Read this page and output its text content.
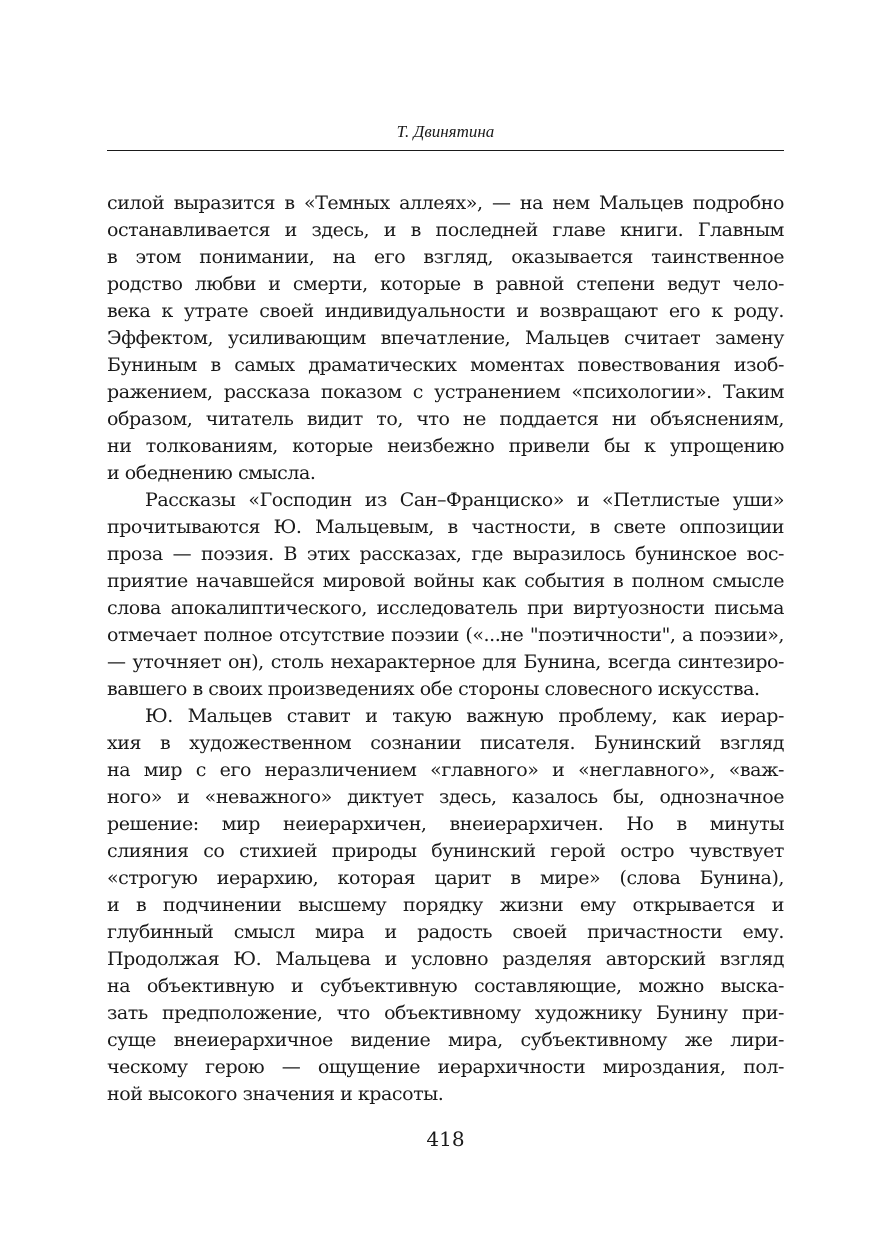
Т. Двинятина
силой выразится в «Темных аллеях», — на нем Мальцев подробно
останавливается и здесь, и в последней главе книги. Главным
в этом понимании, на его взгляд, оказывается таинственное
родство любви и смерти, которые в равной степени ведут чело-
века к утрате своей индивидуальности и возвращают его к роду.
Эффектом, усиливающим впечатление, Мальцев считает замену
Буниным в самых драматических моментах повествования изоб-
ражением, рассказа показом с устранением «психологии». Таким
образом, читатель видит то, что не поддается ни объяснениям,
ни толкованиям, которые неизбежно привели бы к упрощению
и обеднению смысла.
Рассказы «Господин из Сан–Франциско» и «Петлистые уши»
прочитываются Ю. Мальцевым, в частности, в свете оппозиции
проза — поэзия. В этих рассказах, где выразилось бунинское вос-
приятие начавшейся мировой войны как события в полном смысле
слова апокалиптического, исследователь при виртуозности письма
отмечает полное отсутствие поэзии («...не "поэтичности", а поэзии»,
— уточняет он), столь нехарактерное для Бунина, всегда синтезиро-
вавшего в своих произведениях обе стороны словесного искусства.
Ю. Мальцев ставит и такую важную проблему, как иерар-
хия в художественном сознании писателя. Бунинский взгляд
на мир с его неразличением «главного» и «неглавного», «важ-
ного» и «неважного» диктует здесь, казалось бы, однозначное
решение: мир неиерархичен, внеиерархичен. Но в минуты
слияния со стихией природы бунинский герой остро чувствует
«строгую иерархию, которая царит в мире» (слова Бунина),
и в подчинении высшему порядку жизни ему открывается и
глубинный смысл мира и радость своей причастности ему.
Продолжая Ю. Мальцева и условно разделяя авторский взгляд
на объективную и субъективную составляющие, можно выска-
зать предположение, что объективному художнику Бунину при-
суще внеиерархичное видение мира, субъективному же лири-
ческому герою — ощущение иерархичности мироздания, пол-
ной высокого значения и красоты.
418
